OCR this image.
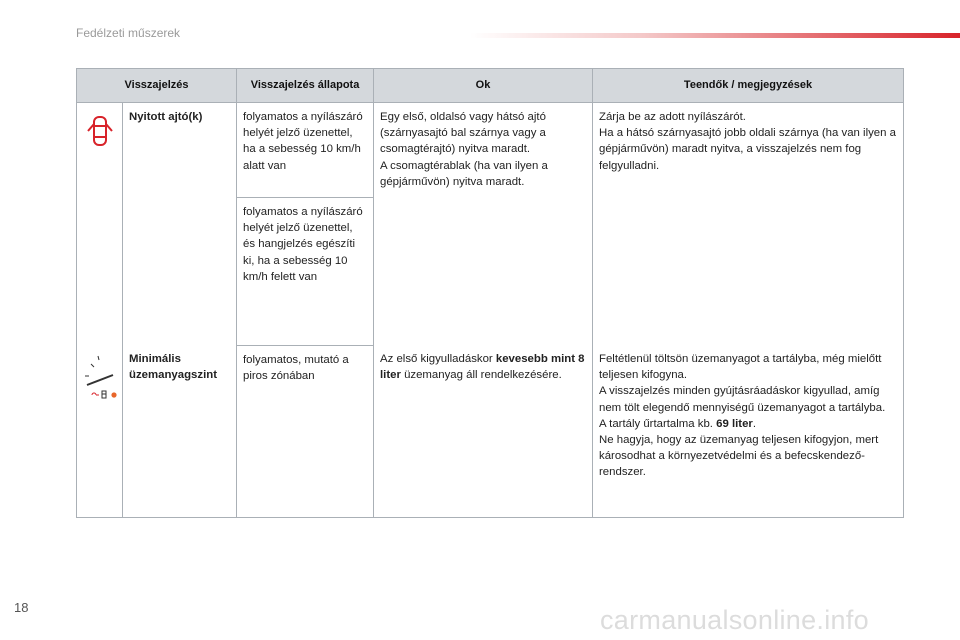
Fedélzeti műszerek
Visszajelzés		Visszajelzés állapota	Ok	Teendők / megjegyzések

	Nyitott ajtó(k)	folyamatos a nyílászáró helyét jelző üzenettel, ha a sebesség 10 km/h alatt van	Egy első, oldalsó vagy hátsó ajtó (szárnyasajtó bal szárnya vagy a csomagtérajtó) nyitva maradt.
A csomagtérablak (ha van ilyen a gépjárművön) nyitva maradt.	Zárja be az adott nyílászárót.
Ha a hátsó szárnyasajtó jobb oldali szárnya (ha van ilyen a gépjárművön) maradt nyitva, a visszajelzés nem fog felgyulladni.
		folyamatos a nyílászáró helyét jelző üzenettel, és hangjelzés egészíti ki, ha a sebesség 10 km/h felett van		

	Minimális üzemanyagszint	folyamatos, mutató a piros zónában	Az első kigyulladáskor kevesebb mint 8 liter üzemanyag áll rendelkezésére.	Feltétlenül töltsön üzemanyagot a tartályba, még mielőtt teljesen kifogyna.
A visszajelzés minden gyújtásráadáskor kigyullad, amíg nem tölt elegendő mennyiségű üzemanyagot a tartályba.
A tartály űrtartalma kb. 69 liter.
Ne hagyja, hogy az üzemanyag teljesen kifogyjon, mert károsodhat a környezetvédelmi és a befecskendező-rendszer.
18	carmanualsonline.info
